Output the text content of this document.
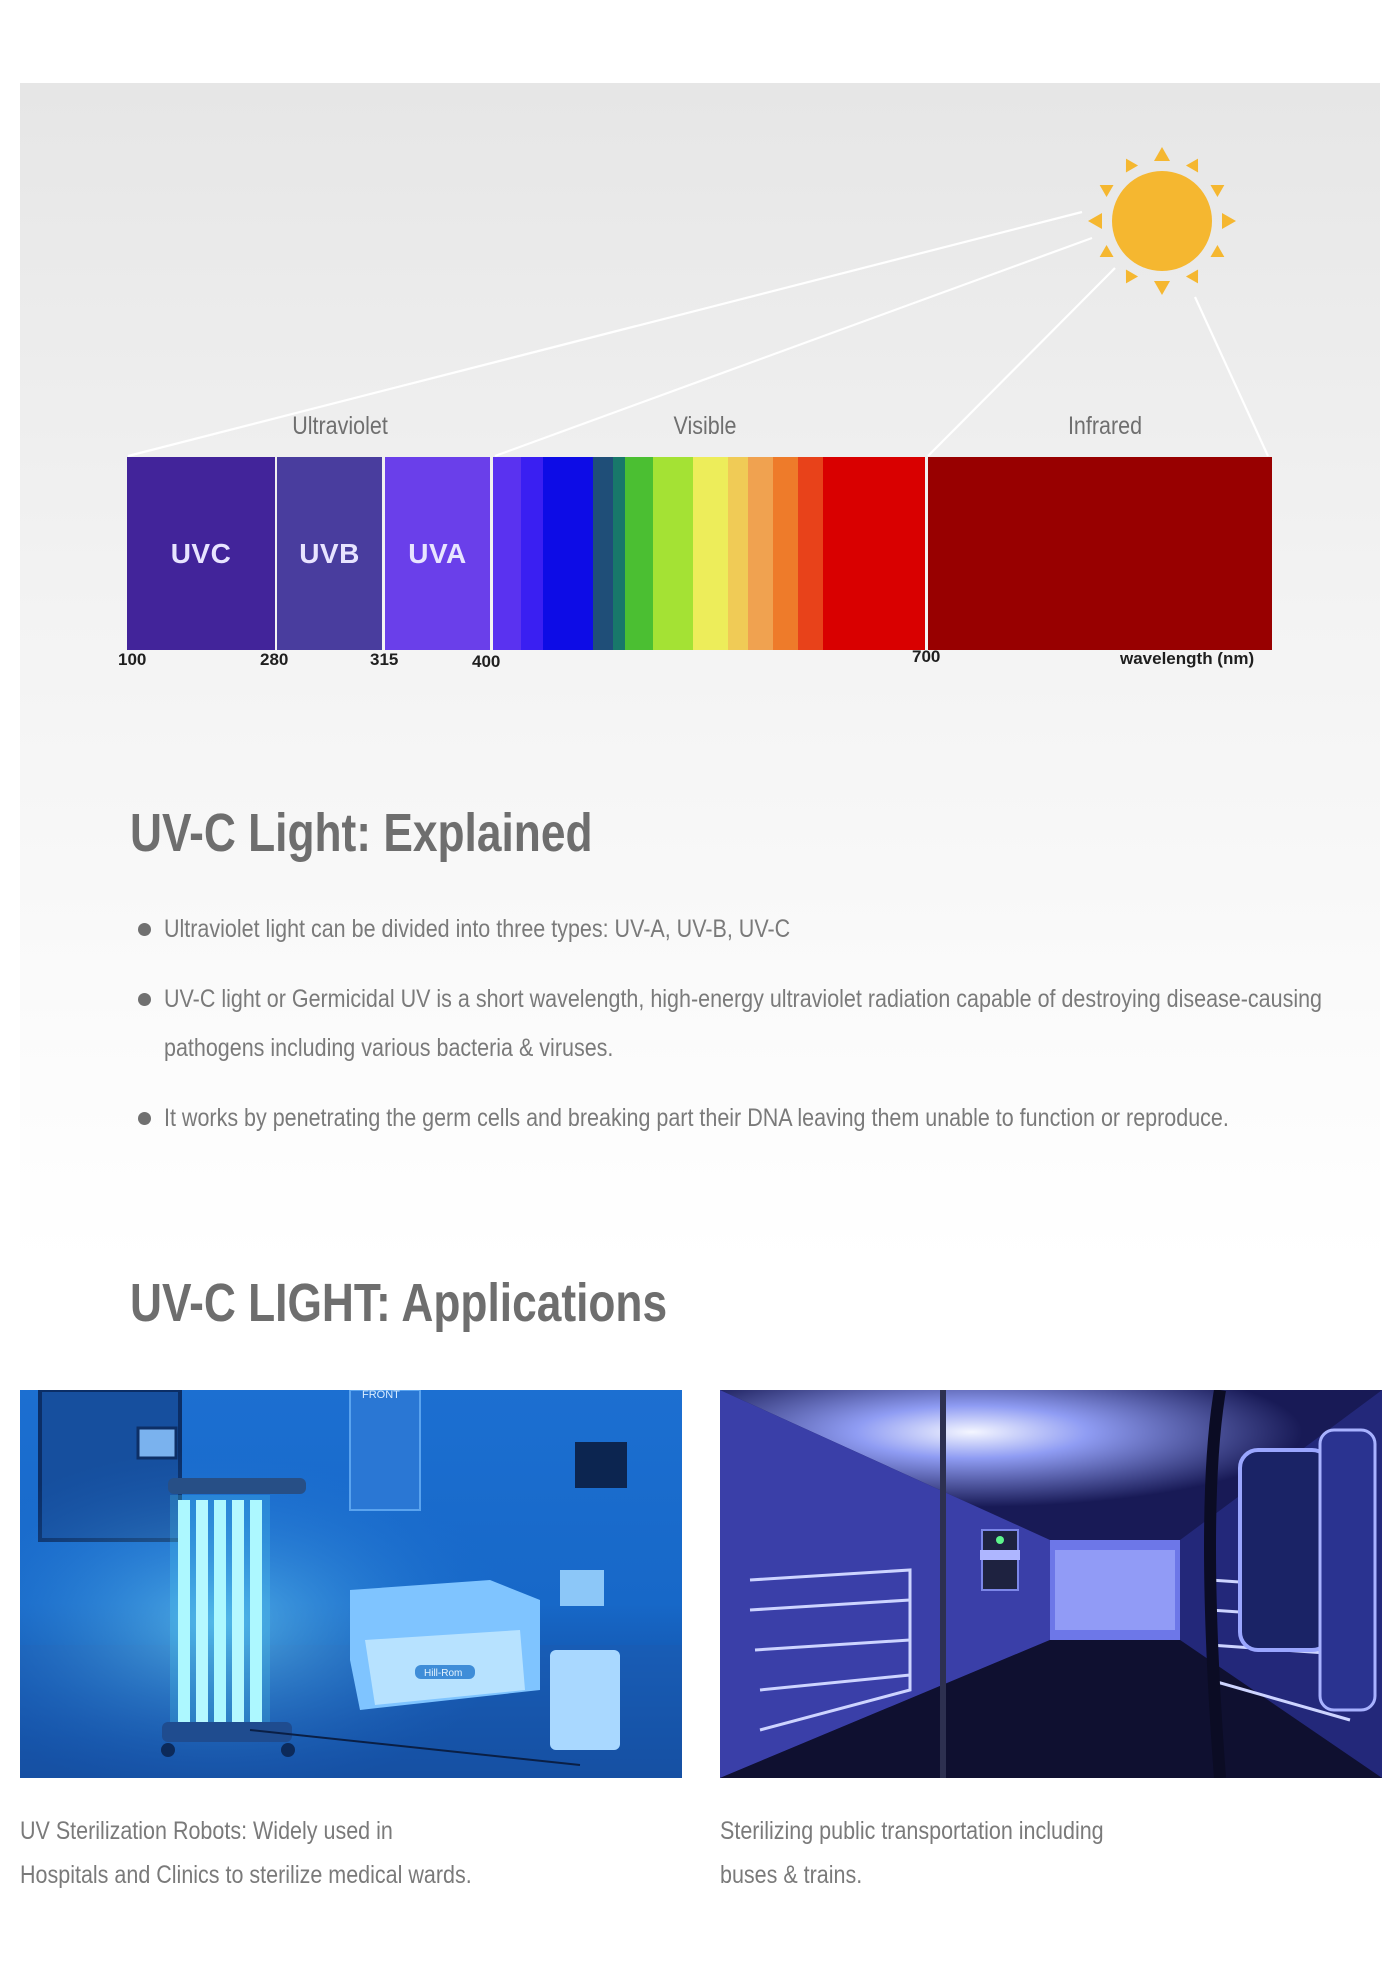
Ultraviolet	Visible	Infrared
UVC	UVB	UVA
100	280	315	400	700	wavelength (nm)
UV-C Light: Explained
Ultraviolet light can be divided into three types: UV-A, UV-B, UV-C
UV-C light or Germicidal UV is a short wavelength, high-energy ultraviolet radiation capable of destroying disease-causing pathogens including various bacteria & viruses.
It works by penetrating the germ cells and breaking part their DNA leaving them unable to function or reproduce.
UV-C LIGHT: Applications
FRONT
Hill-Rom
UV Sterilization Robots: Widely used in
Hospitals and Clinics to sterilize medical wards.
Sterilizing public transportation including
buses & trains.
